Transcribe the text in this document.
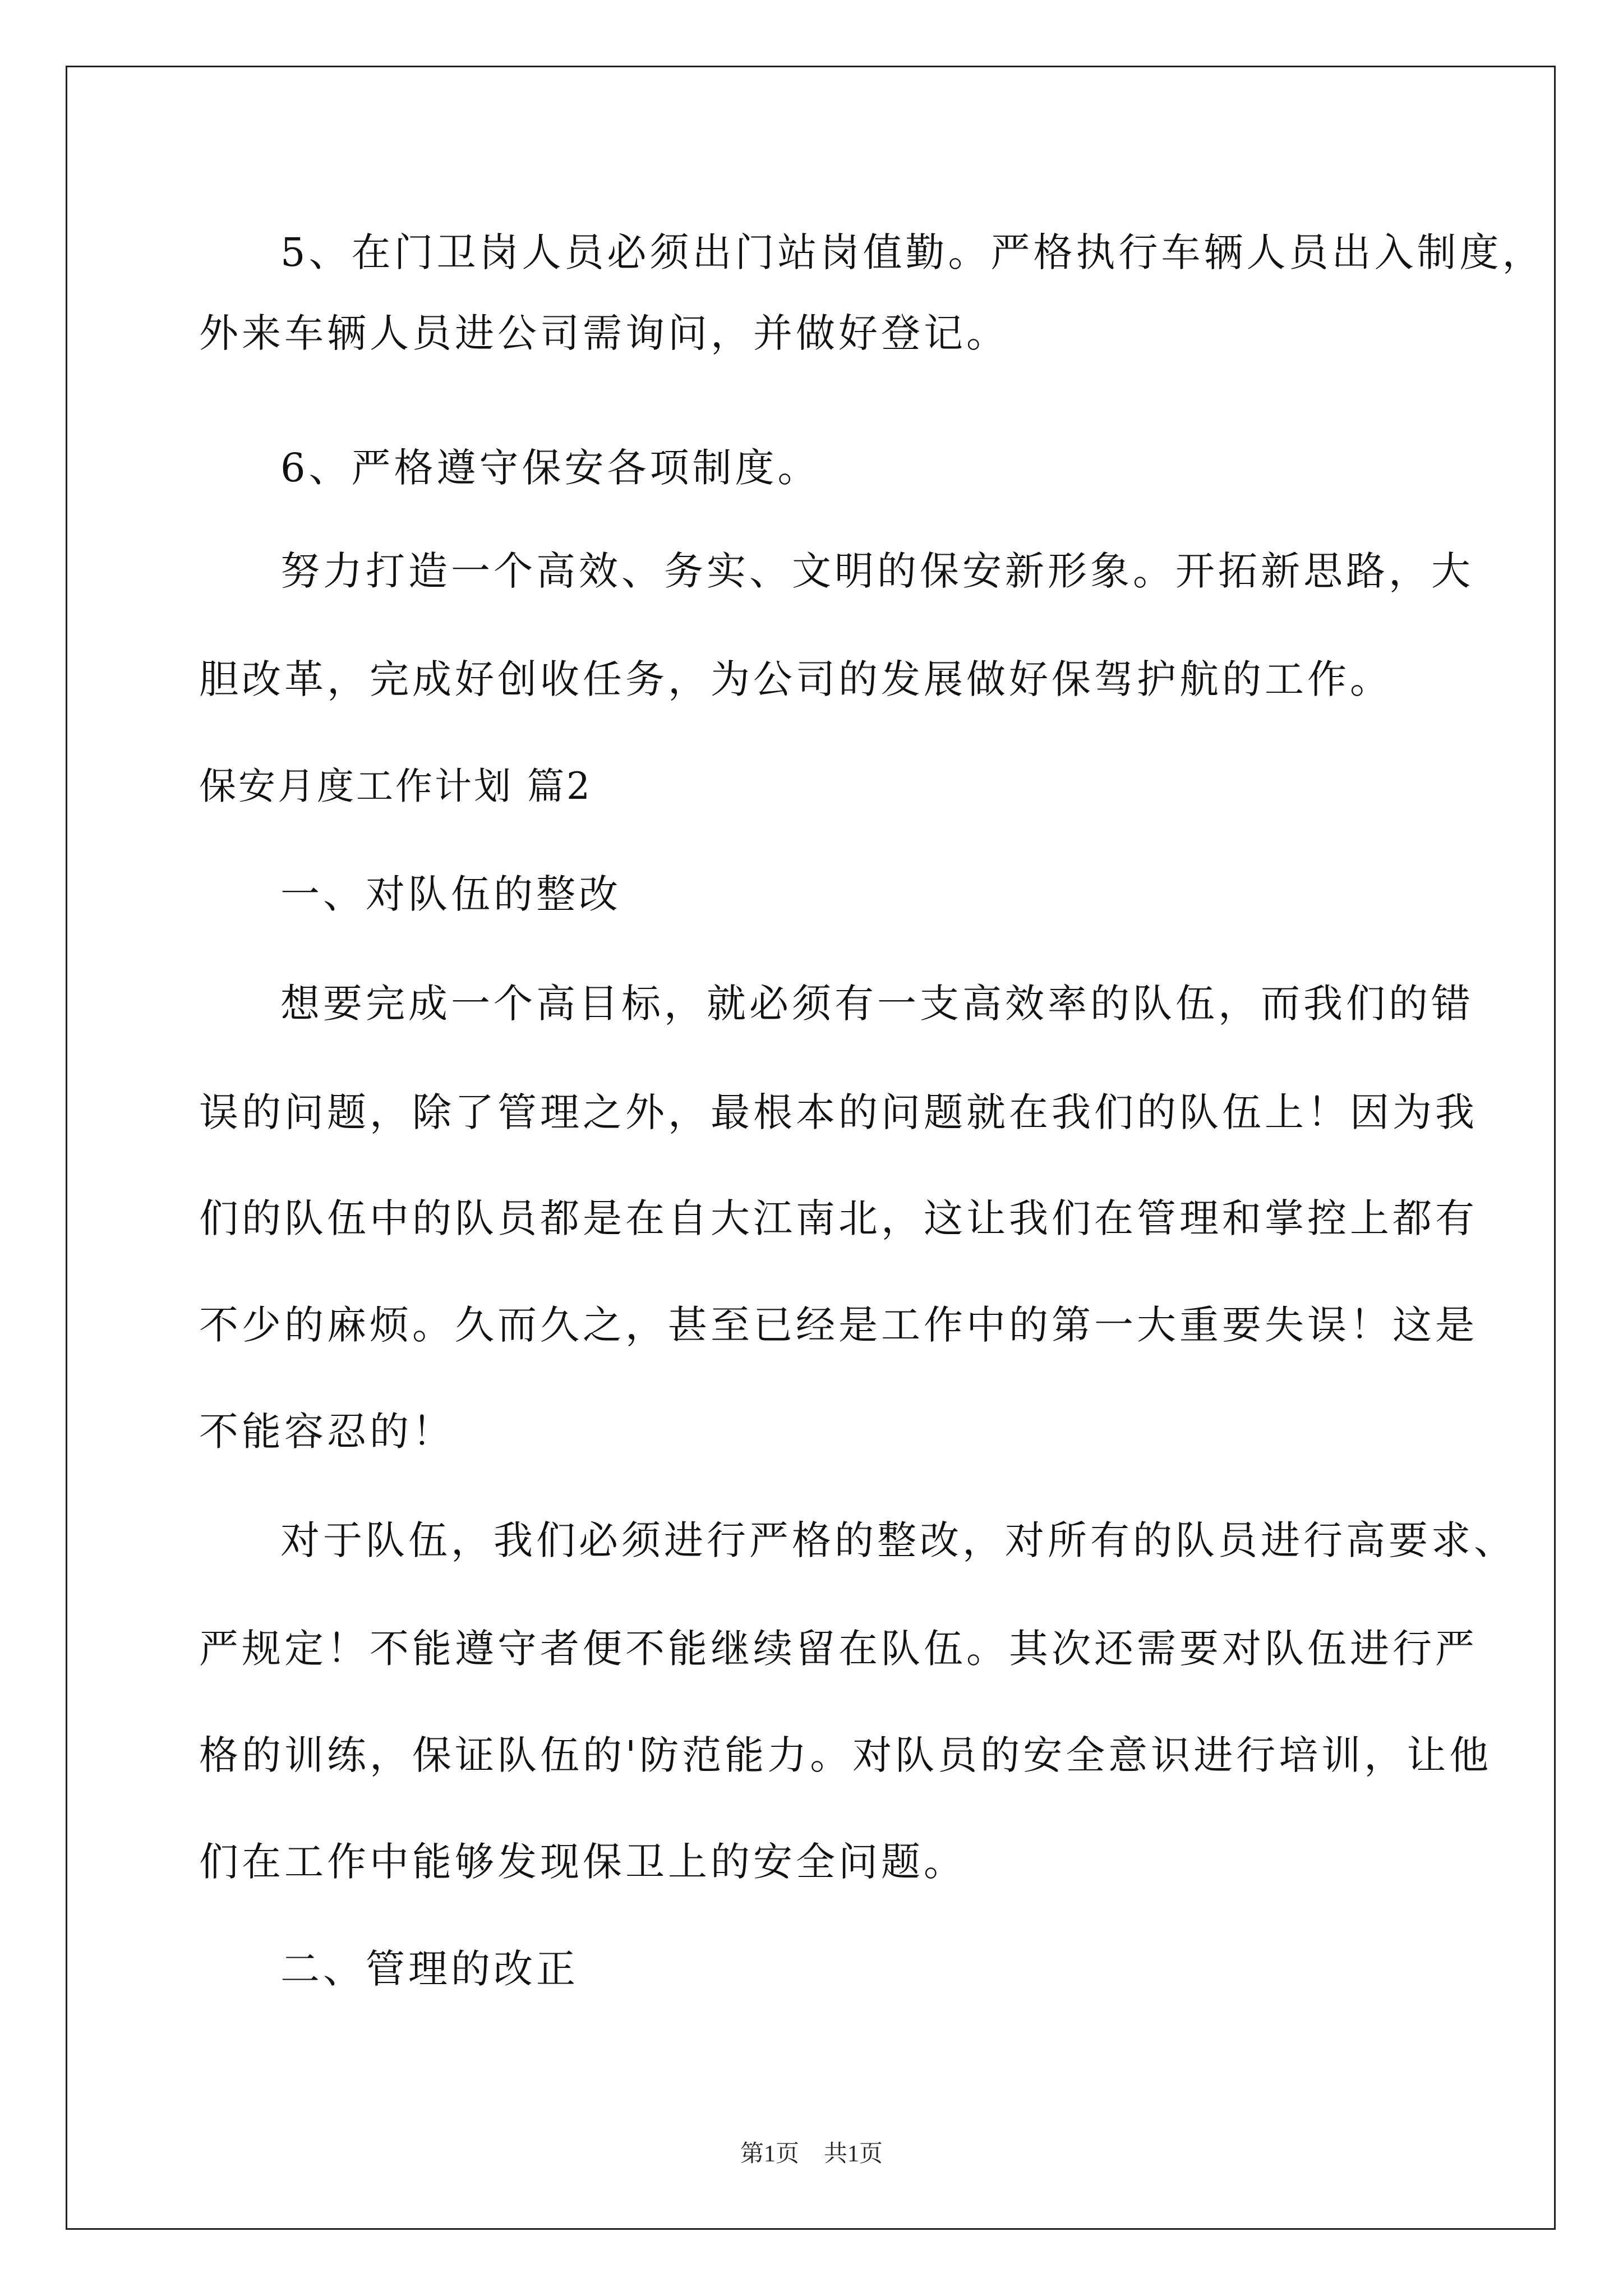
5、在门卫岗人员必须出门站岗值勤。严格执行车辆人员出入制度，
外来车辆人员进公司需询问，并做好登记。
6、严格遵守保安各项制度。
努力打造一个高效、务实、文明的保安新形象。开拓新思路，大
胆改革，完成好创收任务，为公司的发展做好保驾护航的工作。
保安月度工作计划 篇2
一、对队伍的整改
想要完成一个高目标，就必须有一支高效率的队伍，而我们的错
误的问题，除了管理之外，最根本的问题就在我们的队伍上！因为我
们的队伍中的队员都是在自大江南北，这让我们在管理和掌控上都有
不少的麻烦。久而久之，甚至已经是工作中的第一大重要失误！这是
不能容忍的！
对于队伍，我们必须进行严格的整改，对所有的队员进行高要求、
严规定！不能遵守者便不能继续留在队伍。其次还需要对队伍进行严
格的训练，保证队伍的'防范能力。对队员的安全意识进行培训，让他
们在工作中能够发现保卫上的安全问题。
二、管理的改正
第1页 共1页
